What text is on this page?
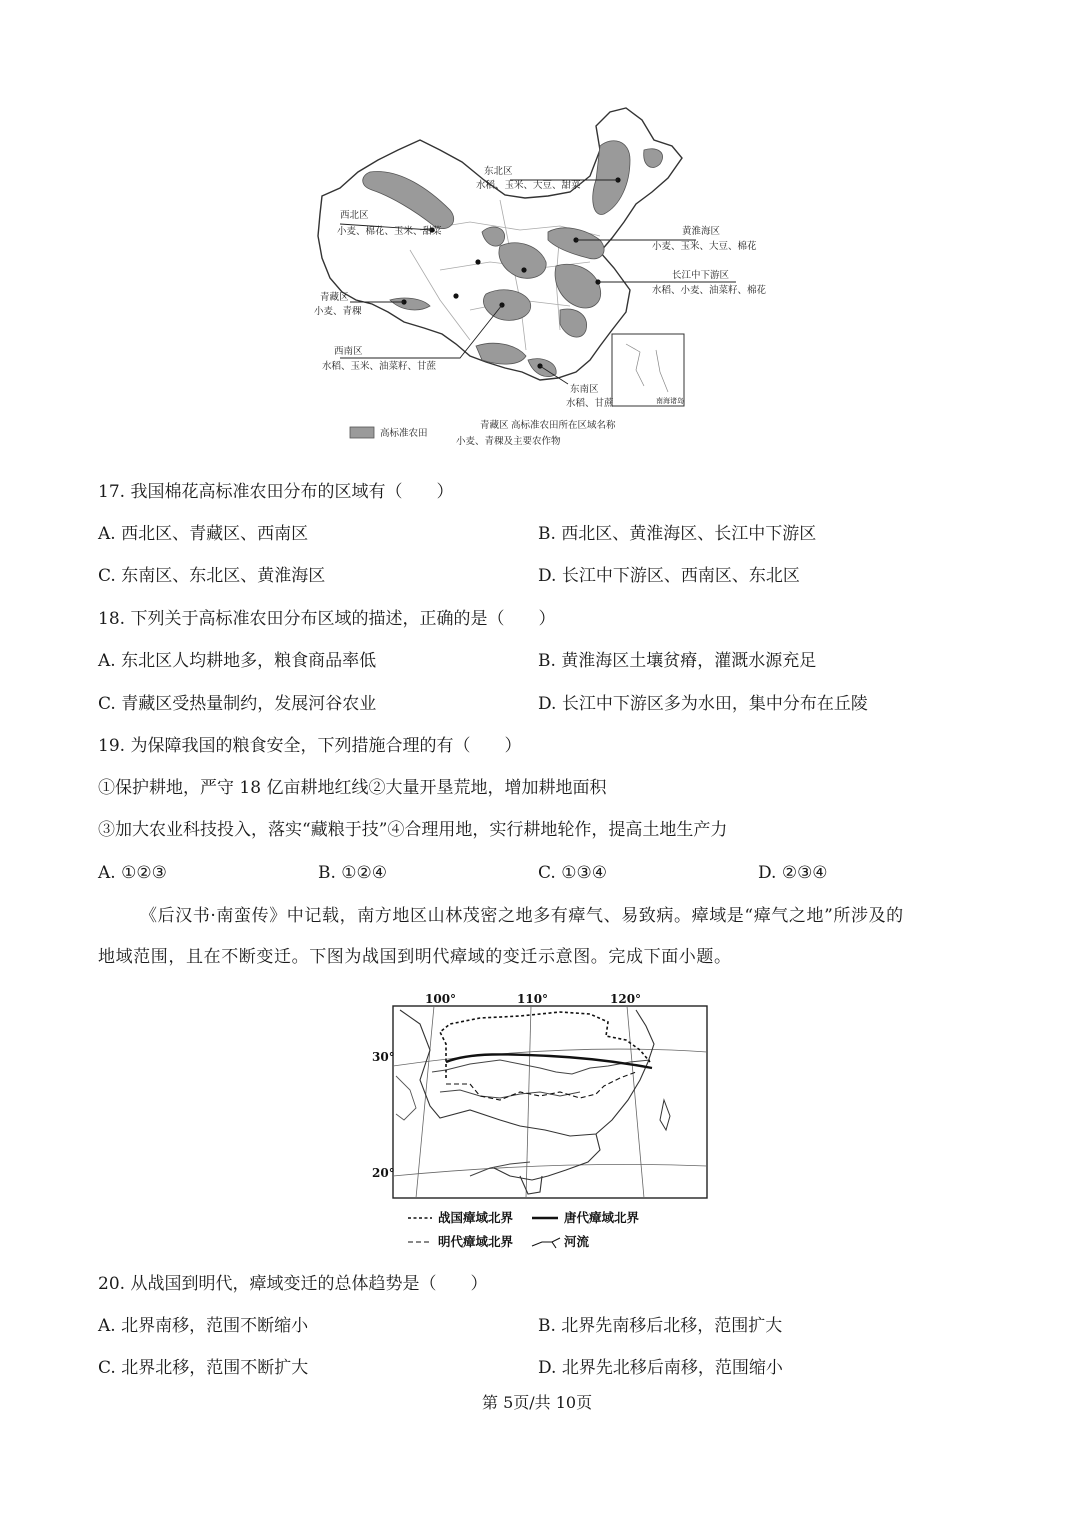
东北区
水稻、玉米、大豆、甜菜
西北区
小麦、棉花、玉米、甜菜	黄淮海区
小麦、玉米、大豆、棉花
长江中下游区
水稻、小麦、油菜籽、棉花
青藏区
小麦、青稞
西南区
水稻、玉米、油菜籽、甘蔗
东南区
水稻、甘蔗	南海诸岛
高标准农田
青藏区 高标准农田所在区域名称
小麦、青稞及主要农作物
17. 我国棉花高标准农田分布的区域有（　　）
A. 西北区、青藏区、西南区	B. 西北区、黄淮海区、长江中下游区
C. 东南区、东北区、黄淮海区	D. 长江中下游区、西南区、东北区
18. 下列关于高标准农田分布区域的描述，正确的是（　　）
A. 东北区人均耕地多，粮食商品率低	B. 黄淮海区土壤贫瘠，灌溉水源充足
C. 青藏区受热量制约，发展河谷农业	D. 长江中下游区多为水田，集中分布在丘陵
19. 为保障我国的粮食安全，下列措施合理的有（　　）
①保护耕地，严守 18 亿亩耕地红线②大量开垦荒地，增加耕地面积
③加大农业科技投入，落实“藏粮于技”④合理用地，实行耕地轮作，提高土地生产力
A. ①②③	B. ①②④	C. ①③④	D. ②③④
《后汉书·南蛮传》中记载，南方地区山林茂密之地多有瘴气、易致病。瘴域是“瘴气之地”所涉及的
地域范围，且在不断变迁。下图为战国到明代瘴域的变迁示意图。完成下面小题。
100°	110°	120°
30°
20°
战国瘴域北界	唐代瘴域北界
明代瘴域北界	河流
20. 从战国到明代，瘴域变迁的总体趋势是（　　）
A. 北界南移，范围不断缩小	B. 北界先南移后北移，范围扩大
C. 北界北移，范围不断扩大	D. 北界先北移后南移，范围缩小
第 5页/共 10页
